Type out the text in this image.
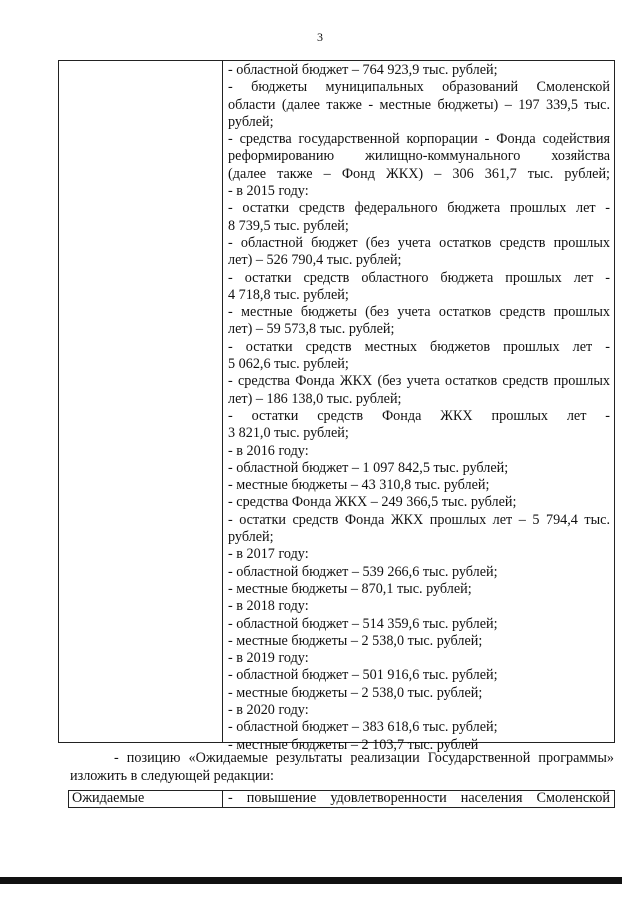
3
- областной бюджет – 764 923,9 тыс. рублей;
- бюджеты муниципальных образований Смоленской
области (далее также - местные бюджеты) – 197 339,5 тыс.
рублей;
- средства государственной корпорации - Фонда содействия
реформированию жилищно-коммунального хозяйства
(далее также – Фонд ЖКХ) – 306 361,7 тыс. рублей;
- в 2015 году:
- остатки средств федерального бюджета прошлых лет -
8 739,5 тыс. рублей;
- областной бюджет (без учета остатков средств прошлых
лет) – 526 790,4 тыс. рублей;
- остатки средств областного бюджета прошлых лет -
4 718,8 тыс. рублей;
- местные бюджеты (без учета остатков средств прошлых
лет) – 59 573,8 тыс. рублей;
- остатки средств местных бюджетов прошлых лет -
5 062,6 тыс. рублей;
- средства Фонда ЖКХ (без учета остатков средств прошлых
лет) – 186 138,0 тыс. рублей;
- остатки средств Фонда ЖКХ прошлых лет -
3 821,0 тыс. рублей;
- в 2016 году:
- областной бюджет – 1 097 842,5 тыс. рублей;
- местные бюджеты – 43 310,8 тыс. рублей;
- средства Фонда ЖКХ – 249 366,5 тыс. рублей;
- остатки средств Фонда ЖКХ прошлых лет – 5 794,4 тыс.
рублей;
- в 2017 году:
- областной бюджет – 539 266,6 тыс. рублей;
- местные бюджеты – 870,1 тыс. рублей;
- в 2018 году:
- областной бюджет – 514 359,6 тыс. рублей;
- местные бюджеты – 2 538,0 тыс. рублей;
- в 2019 году:
- областной бюджет – 501 916,6 тыс. рублей;
- местные бюджеты – 2 538,0 тыс. рублей;
- в 2020 году:
- областной бюджет – 383 618,6 тыс. рублей;
- местные бюджеты – 2 103,7 тыс. рублей
- позицию «Ожидаемые результаты реализации Государственной программы»
изложить в следующей редакции:
Ожидаемые	- повышение удовлетворенности населения Смоленской
